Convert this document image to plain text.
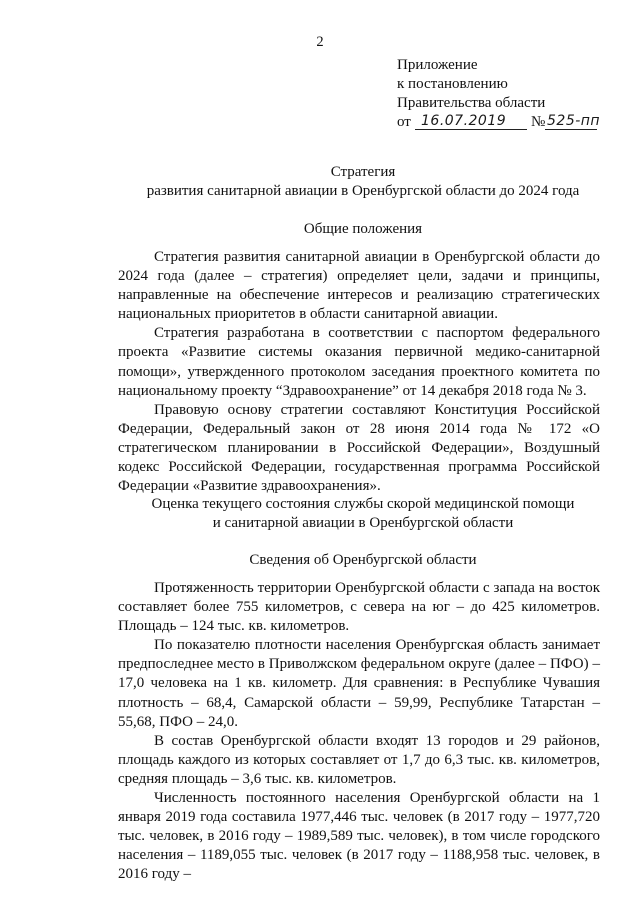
2
Приложение
к постановлению
Правительства области
от 16.07.2019 № 525-пп
Стратегия
развития санитарной авиации в Оренбургской области до 2024 года
Общие положения

Стратегия развития санитарной авиации в Оренбургской области до 2024 года (далее – стратегия) определяет цели, задачи и принципы, направленные на обеспечение интересов и реализацию стратегических национальных приоритетов в области санитарной авиации.

Стратегия разработана в соответствии с паспортом федерального проекта «Развитие системы оказания первичной медико-санитарной помощи», утвержденного протоколом заседания проектного комитета по национальному проекту “Здравоохранение” от 14 декабря 2018 года № 3.

Правовую основу стратегии составляют Конституция Российской Федерации, Федеральный закон от 28 июня 2014 года № 172 «О стратегическом планировании в Российской Федерации», Воздушный кодекс Российской Федерации, государственная программа Российской Федерации «Развитие здравоохранения».

Оценка текущего состояния службы скорой медицинской помощи
и санитарной авиации в Оренбургской области
Сведения об Оренбургской области

Протяженность территории Оренбургской области с запада на восток составляет более 755 километров, с севера на юг – до 425 километров. Площадь – 124 тыс. кв. километров.

По показателю плотности населения Оренбургская область занимает предпоследнее место в Приволжском федеральном округе (далее – ПФО) – 17,0 человека на 1 кв. километр. Для сравнения: в Республике Чувашия плотность – 68,4, Самарской области – 59,99, Республике Татарстан – 55,68, ПФО – 24,0.

В состав Оренбургской области входят 13 городов и 29 районов, площадь каждого из которых составляет от 1,7 до 6,3 тыс. кв. километров, средняя площадь – 3,6 тыс. кв. километров.

Численность постоянного населения Оренбургской области на 1 января 2019 года составила 1977,446 тыс. человек (в 2017 году – 1977,720 тыс. человек, в 2016 году – 1989,589 тыс. человек), в том числе городского населения – 1189,055 тыс. человек (в 2017 году – 1188,958 тыс. человек, в 2016 году –
